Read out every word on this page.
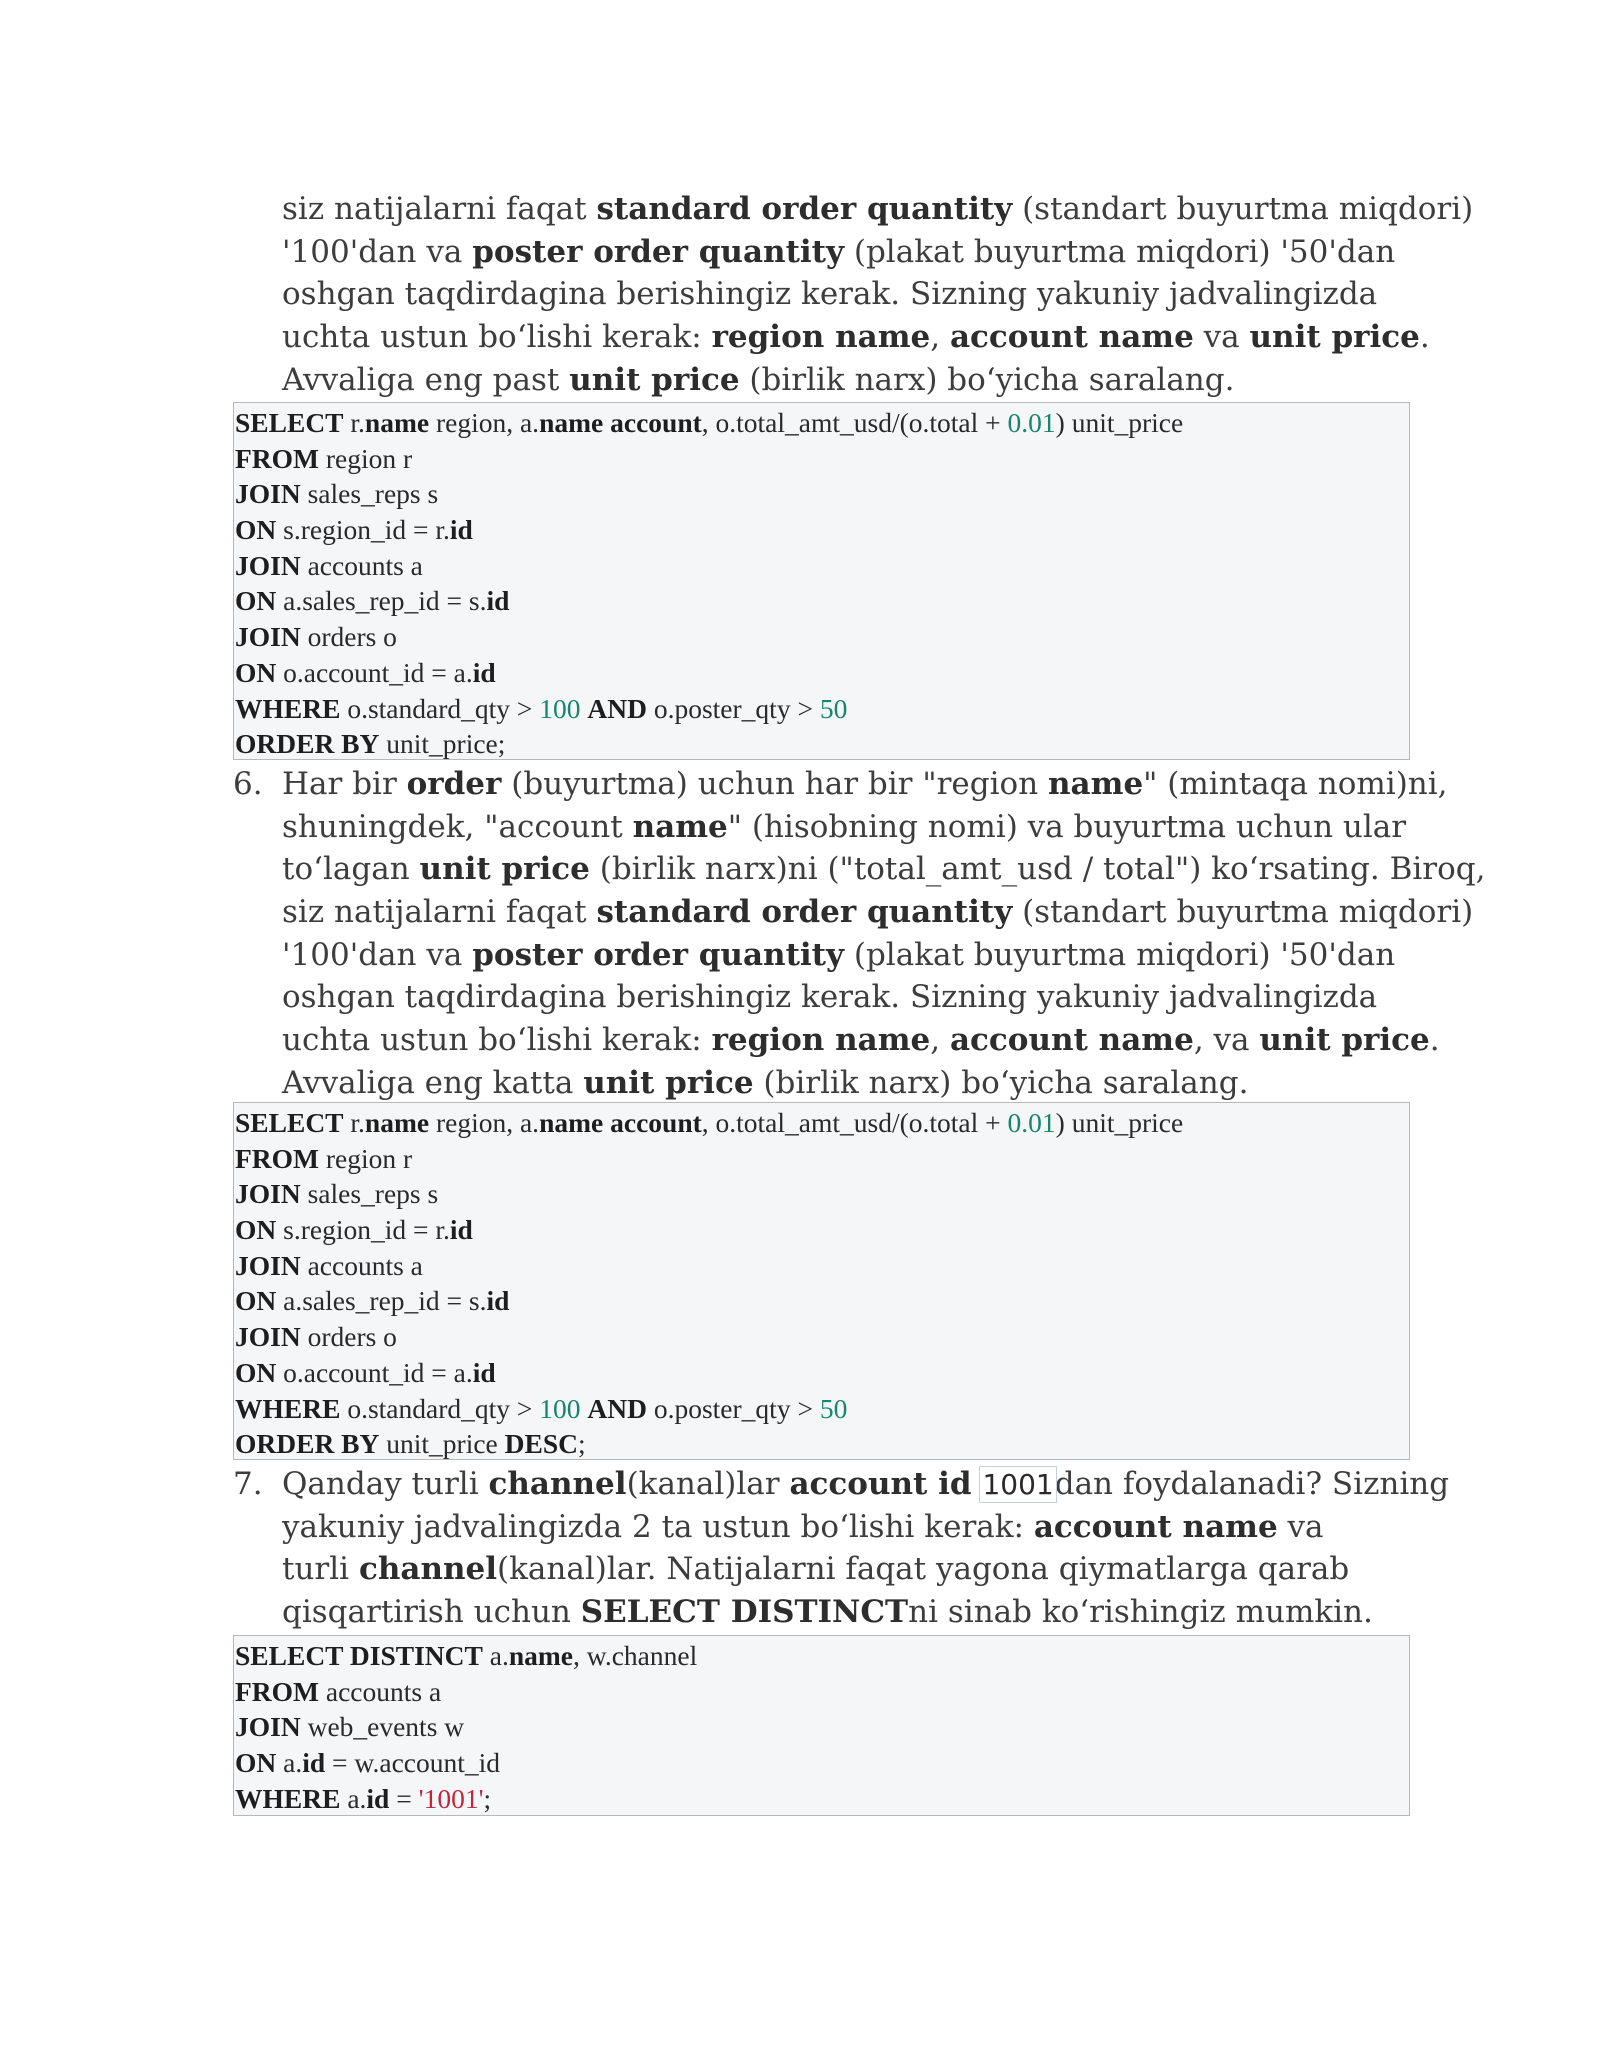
siz natijalarni faqat standard order quantity (standart buyurtma miqdori)
'100'dan va poster order quantity (plakat buyurtma miqdori) '50'dan
oshgan taqdirdagina berishingiz kerak. Sizning yakuniy jadvalingizda
uchta ustun bo‘lishi kerak: region name, account name va unit price.
Avvaliga eng past unit price (birlik narx) bo‘yicha saralang.
SELECT r.name region, a.name account, o.total_amt_usd/(o.total + 0.01) unit_price
FROM region r
JOIN sales_reps s
ON s.region_id = r.id
JOIN accounts a
ON a.sales_rep_id = s.id
JOIN orders o
ON o.account_id = a.id
WHERE o.standard_qty > 100 AND o.poster_qty > 50
ORDER BY unit_price;
6. Har bir order (buyurtma) uchun har bir "region name" (mintaqa nomi)ni,
shuningdek, "account name" (hisobning nomi) va buyurtma uchun ular
to‘lagan unit price (birlik narx)ni ("total_amt_usd / total") ko‘rsating. Biroq,
siz natijalarni faqat standard order quantity (standart buyurtma miqdori)
'100'dan va poster order quantity (plakat buyurtma miqdori) '50'dan
oshgan taqdirdagina berishingiz kerak. Sizning yakuniy jadvalingizda
uchta ustun bo‘lishi kerak: region name, account name, va unit price.
Avvaliga eng katta unit price (birlik narx) bo‘yicha saralang.
SELECT r.name region, a.name account, o.total_amt_usd/(o.total + 0.01) unit_price
FROM region r
JOIN sales_reps s
ON s.region_id = r.id
JOIN accounts a
ON a.sales_rep_id = s.id
JOIN orders o
ON o.account_id = a.id
WHERE o.standard_qty > 100 AND o.poster_qty > 50
ORDER BY unit_price DESC;
7. Qanday turli channel(kanal)lar account id 1001dan foydalanadi? Sizning
yakuniy jadvalingizda 2 ta ustun bo‘lishi kerak: account name va
turli channel(kanal)lar. Natijalarni faqat yagona qiymatlarga qarab
qisqartirish uchun SELECT DISTINCTni sinab ko‘rishingiz mumkin.
SELECT DISTINCT a.name, w.channel
FROM accounts a
JOIN web_events w
ON a.id = w.account_id
WHERE a.id = '1001';
